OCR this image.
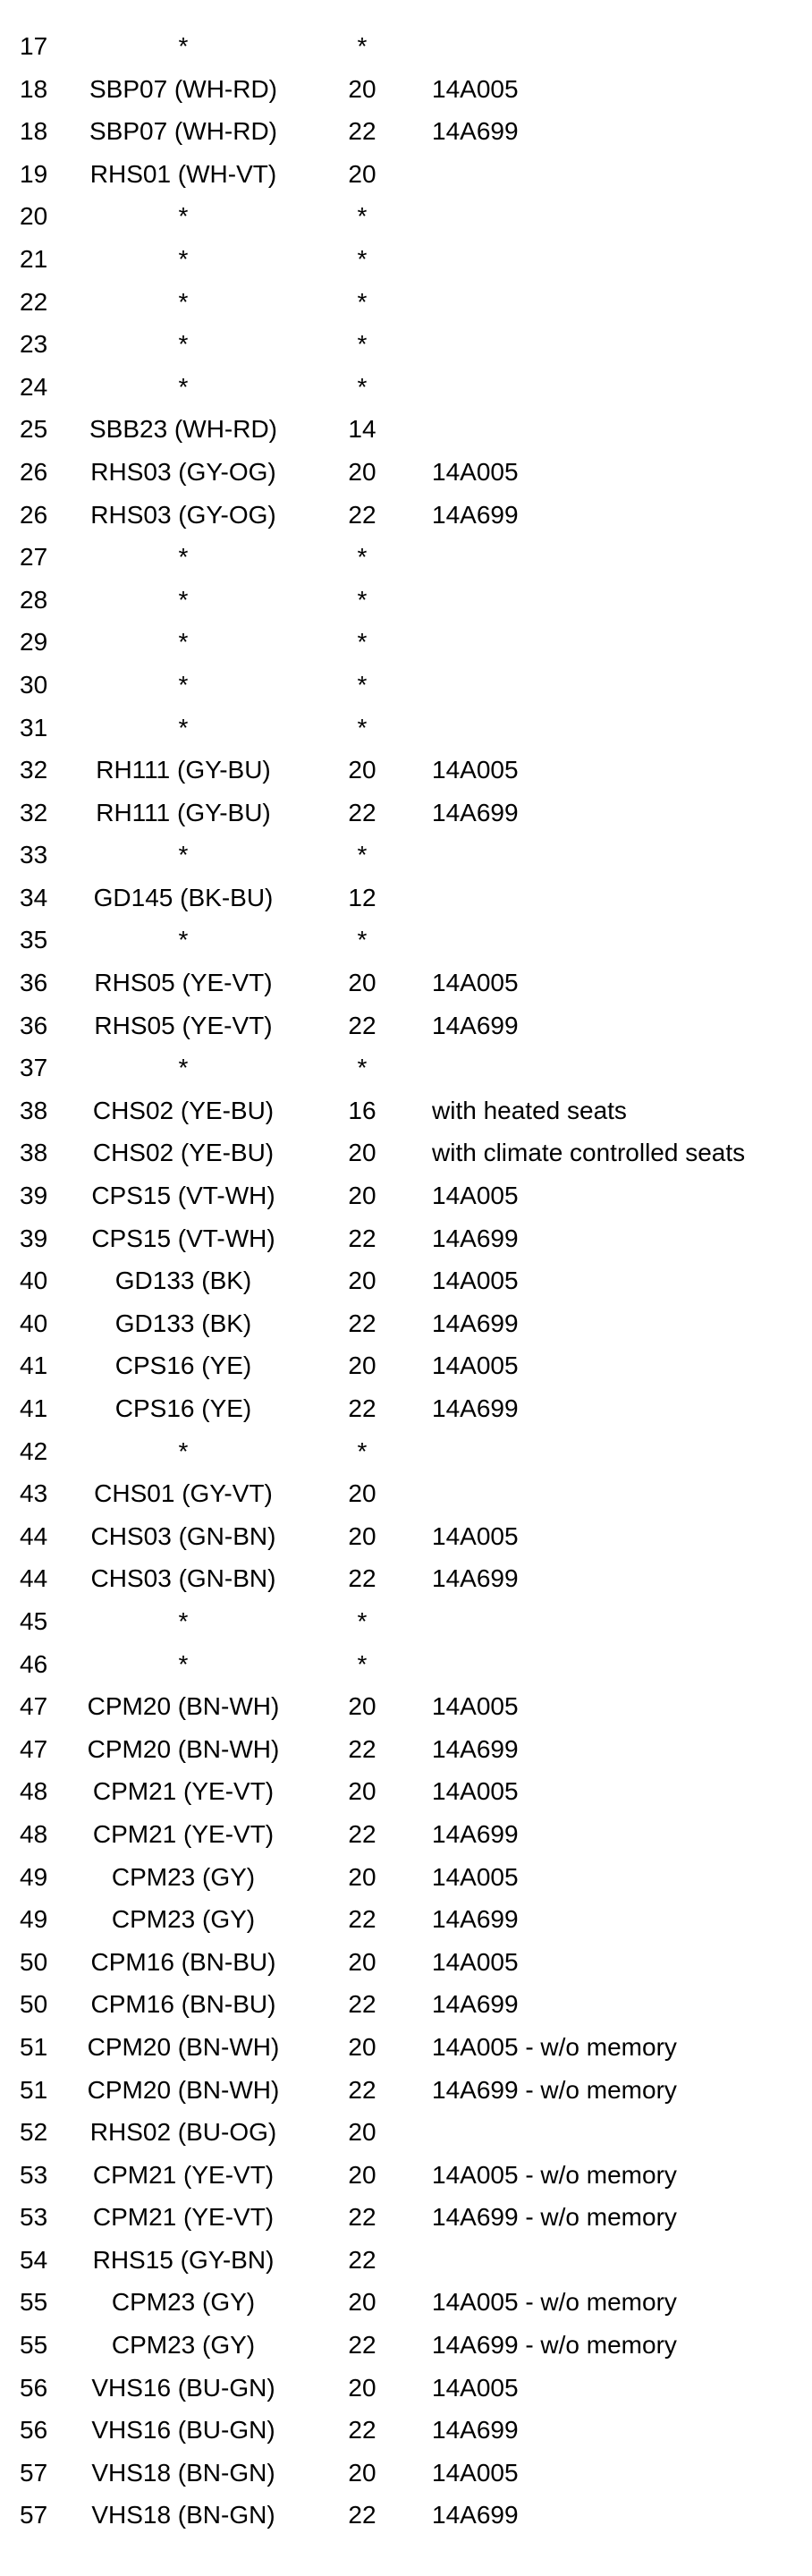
17	*	*
18	SBP07 (WH-RD)	20	14A005
18	SBP07 (WH-RD)	22	14A699
19	RHS01 (WH-VT)	20
20	*	*
21	*	*
22	*	*
23	*	*
24	*	*
25	SBB23 (WH-RD)	14
26	RHS03 (GY-OG)	20	14A005
26	RHS03 (GY-OG)	22	14A699
27	*	*
28	*	*
29	*	*
30	*	*
31	*	*
32	RH111 (GY-BU)	20	14A005
32	RH111 (GY-BU)	22	14A699
33	*	*
34	GD145 (BK-BU)	12
35	*	*
36	RHS05 (YE-VT)	20	14A005
36	RHS05 (YE-VT)	22	14A699
37	*	*
38	CHS02 (YE-BU)	16	with heated seats
38	CHS02 (YE-BU)	20	with climate controlled seats
39	CPS15 (VT-WH)	20	14A005
39	CPS15 (VT-WH)	22	14A699
40	GD133 (BK)	20	14A005
40	GD133 (BK)	22	14A699
41	CPS16 (YE)	20	14A005
41	CPS16 (YE)	22	14A699
42	*	*
43	CHS01 (GY-VT)	20
44	CHS03 (GN-BN)	20	14A005
44	CHS03 (GN-BN)	22	14A699
45	*	*
46	*	*
47	CPM20 (BN-WH)	20	14A005
47	CPM20 (BN-WH)	22	14A699
48	CPM21 (YE-VT)	20	14A005
48	CPM21 (YE-VT)	22	14A699
49	CPM23 (GY)	20	14A005
49	CPM23 (GY)	22	14A699
50	CPM16 (BN-BU)	20	14A005
50	CPM16 (BN-BU)	22	14A699
51	CPM20 (BN-WH)	20	14A005 - w/o memory
51	CPM20 (BN-WH)	22	14A699 - w/o memory
52	RHS02 (BU-OG)	20
53	CPM21 (YE-VT)	20	14A005 - w/o memory
53	CPM21 (YE-VT)	22	14A699 - w/o memory
54	RHS15 (GY-BN)	22
55	CPM23 (GY)	20	14A005 - w/o memory
55	CPM23 (GY)	22	14A699 - w/o memory
56	VHS16 (BU-GN)	20	14A005
56	VHS16 (BU-GN)	22	14A699
57	VHS18 (BN-GN)	20	14A005
57	VHS18 (BN-GN)	22	14A699
